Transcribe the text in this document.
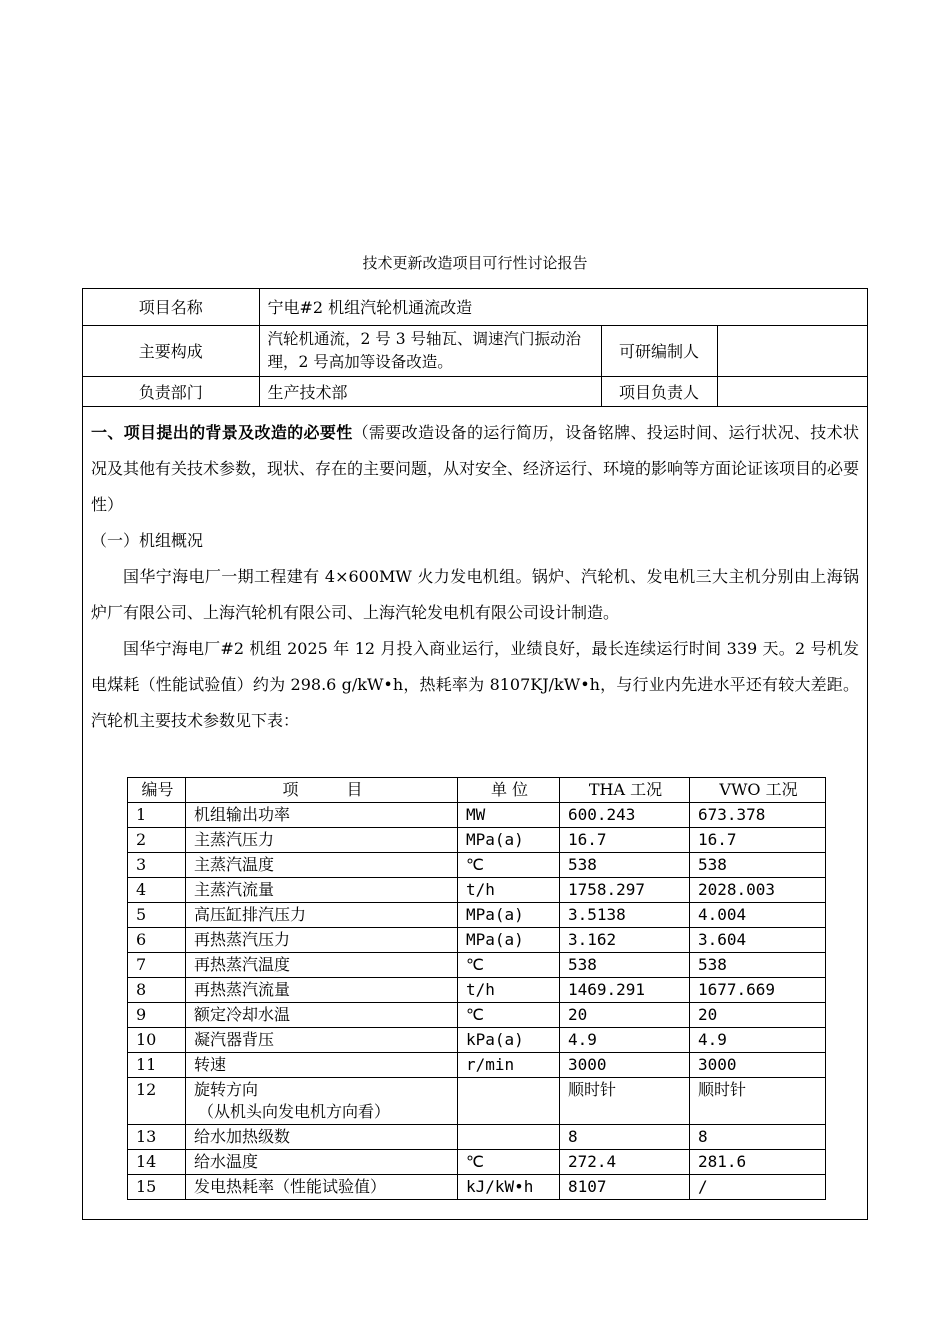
技术更新改造项目可行性讨论报告
项目名称	宁电#2 机组汽轮机通流改造		
主要构成	汽轮机通流，2 号 3 号轴瓦、调速汽门振动治理，2 号高加等设备改造。	可研编制人	
负责部门	生产技术部	项目负责人	

一、项目提出的背景及改造的必要性（需要改造设备的运行简历，设备铭牌、投运时间、运行状况、技术状况及其他有关技术参数，现状、存在的主要问题，从对安全、经济运行、环境的影响等方面论证该项目的必要性）

（一）机组概况

国华宁海电厂一期工程建有 4×600MW 火力发电机组。锅炉、汽轮机、发电机三大主机分别由上海锅炉厂有限公司、上海汽轮机有限公司、上海汽轮发电机有限公司设计制造。

国华宁海电厂#2 机组 2025 年 12 月投入商业运行，业绩良好，最长连续运行时间 339 天。2 号机发电煤耗（性能试验值）约为 298.6 g/kW•h，热耗率为 8107KJ/kW•h，与行业内先进水平还有较大差距。汽轮机主要技术参数见下表：

编号	项　　　目	单 位	THA 工况	VWO 工况
1	机组输出功率	MW	600.243	673.378
2	主蒸汽压力	MPa(a)	16.7	16.7
3	主蒸汽温度	℃	538	538
4	主蒸汽流量	t/h	1758.297	2028.003
5	高压缸排汽压力	MPa(a)	3.5138	4.004
6	再热蒸汽压力	MPa(a)	3.162	3.604
7	再热蒸汽温度	℃	538	538
8	再热蒸汽流量	t/h	1469.291	1677.669
9	额定冷却水温	℃	20	20
10	凝汽器背压	kPa(a)	4.9	4.9
11	转速	r/min	3000	3000
12	旋转方向
（从机头向发电机方向看）		顺时针	顺时针
13	给水加热级数		8	8
14	给水温度	℃	272.4	281.6
15	发电热耗率（性能试验值）	kJ/kW•h	8107	/
